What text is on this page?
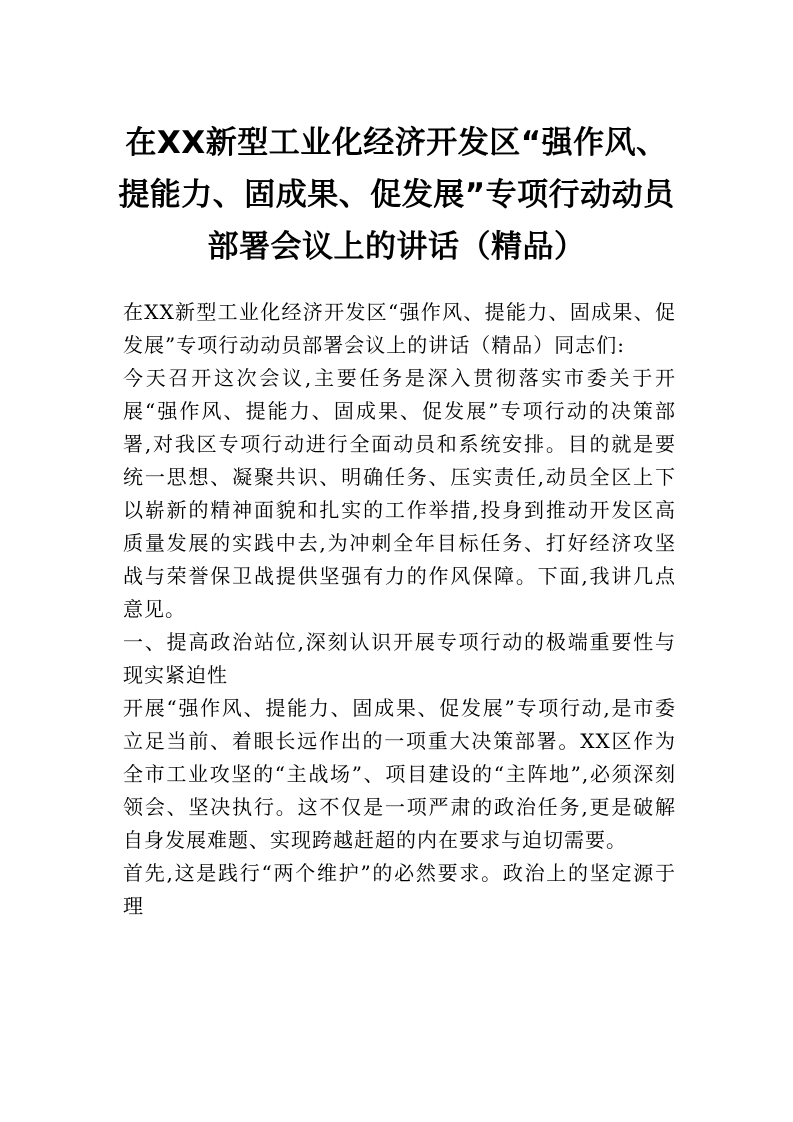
在XX新型工业化经济开发区“强作风、提能力、固成果、促发展”专项行动动员部署会议上的讲话（精品）

在XX新型工业化经济开发区“强作风、提能力、固成果、促发展”专项行动动员部署会议上的讲话（精品）同志们:

今天召开这次会议,主要任务是深入贯彻落实市委关于开展“强作风、提能力、固成果、促发展”专项行动的决策部署,对我区专项行动进行全面动员和系统安排。目的就是要统一思想、凝聚共识、明确任务、压实责任,动员全区上下以崭新的精神面貌和扎实的工作举措,投身到推动开发区高质量发展的实践中去,为冲刺全年目标任务、打好经济攻坚战与荣誉保卫战提供坚强有力的作风保障。下面,我讲几点意见。

一、提高政治站位,深刻认识开展专项行动的极端重要性与现实紧迫性

开展“强作风、提能力、固成果、促发展”专项行动,是市委立足当前、着眼长远作出的一项重大决策部署。XX区作为全市工业攻坚的“主战场”、项目建设的“主阵地”,必须深刻领会、坚决执行。这不仅是一项严肃的政治任务,更是破解自身发展难题、实现跨越赶超的内在要求与迫切需要。

首先,这是践行“两个维护”的必然要求。政治上的坚定源于理
